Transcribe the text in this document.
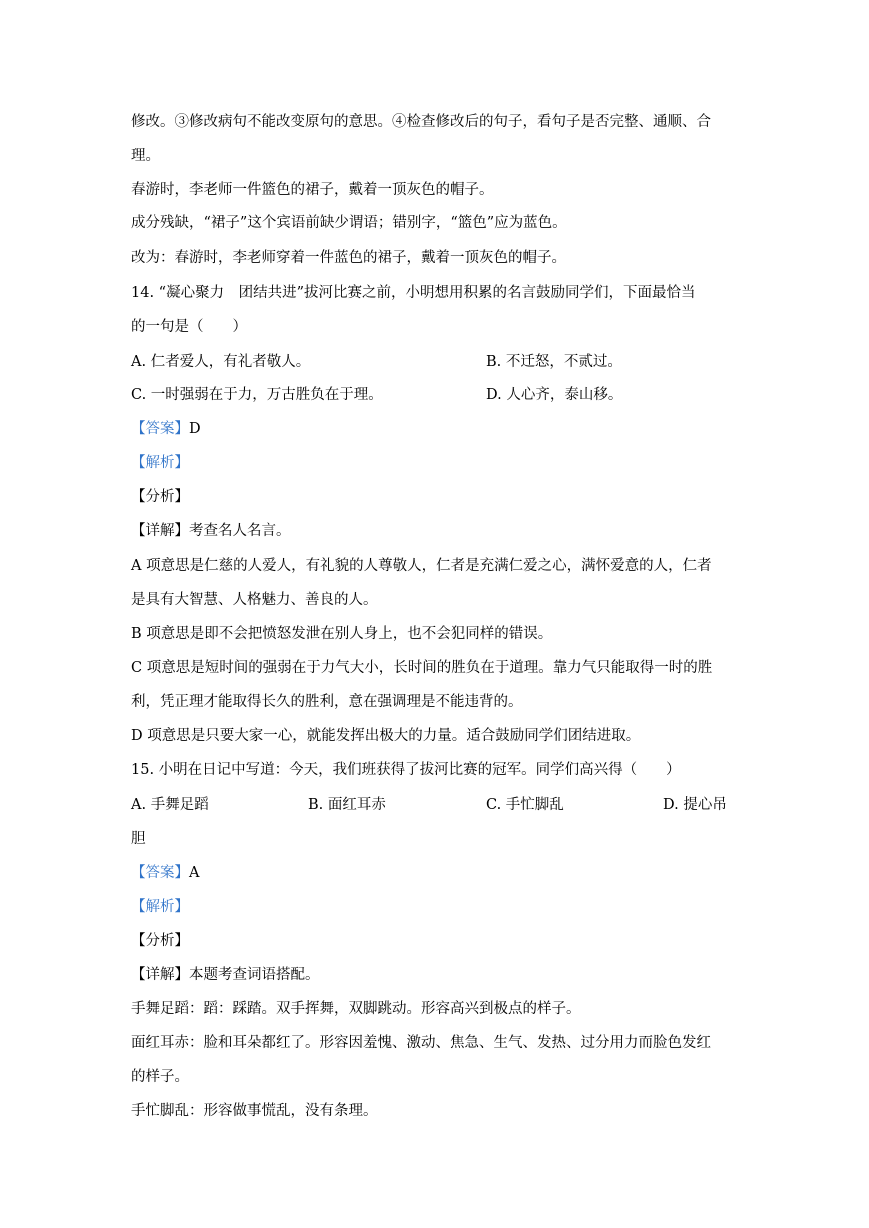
修改。③修改病句不能改变原句的意思。④检查修改后的句子，看句子是否完整、通顺、合
理。
春游时，李老师一件篮色的裙子，戴着一顶灰色的帽子。
成分残缺，“裙子”这个宾语前缺少谓语；错别字，“篮色”应为蓝色。
改为：春游时，李老师穿着一件蓝色的裙子，戴着一顶灰色的帽子。
14. “凝心聚力　团结共进”拔河比赛之前，小明想用积累的名言鼓励同学们，下面最恰当
的一句是（　　）
A. 仁者爱人，有礼者敬人。	B. 不迁怒，不贰过。
C. 一时强弱在于力，万古胜负在于理。	D. 人心齐，泰山移。
【答案】D
【解析】
【分析】
【详解】考查名人名言。
A 项意思是仁慈的人爱人，有礼貌的人尊敬人，仁者是充满仁爱之心，满怀爱意的人，仁者
是具有大智慧、人格魅力、善良的人。
B 项意思是即不会把愤怒发泄在别人身上，也不会犯同样的错误。
C 项意思是短时间的强弱在于力气大小，长时间的胜负在于道理。靠力气只能取得一时的胜
利，凭正理才能取得长久的胜利，意在强调理是不能违背的。
D 项意思是只要大家一心，就能发挥出极大的力量。适合鼓励同学们团结进取。
15. 小明在日记中写道：今天，我们班获得了拔河比赛的冠军。同学们高兴得（　　）
A. 手舞足蹈	B. 面红耳赤	C. 手忙脚乱	D. 提心吊
胆
【答案】A
【解析】
【分析】
【详解】本题考查词语搭配。
手舞足蹈：蹈：踩踏。双手挥舞，双脚跳动。形容高兴到极点的样子。
面红耳赤：脸和耳朵都红了。形容因羞愧、激动、焦急、生气、发热、过分用力而脸色发红
的样子。
手忙脚乱：形容做事慌乱，没有条理。
